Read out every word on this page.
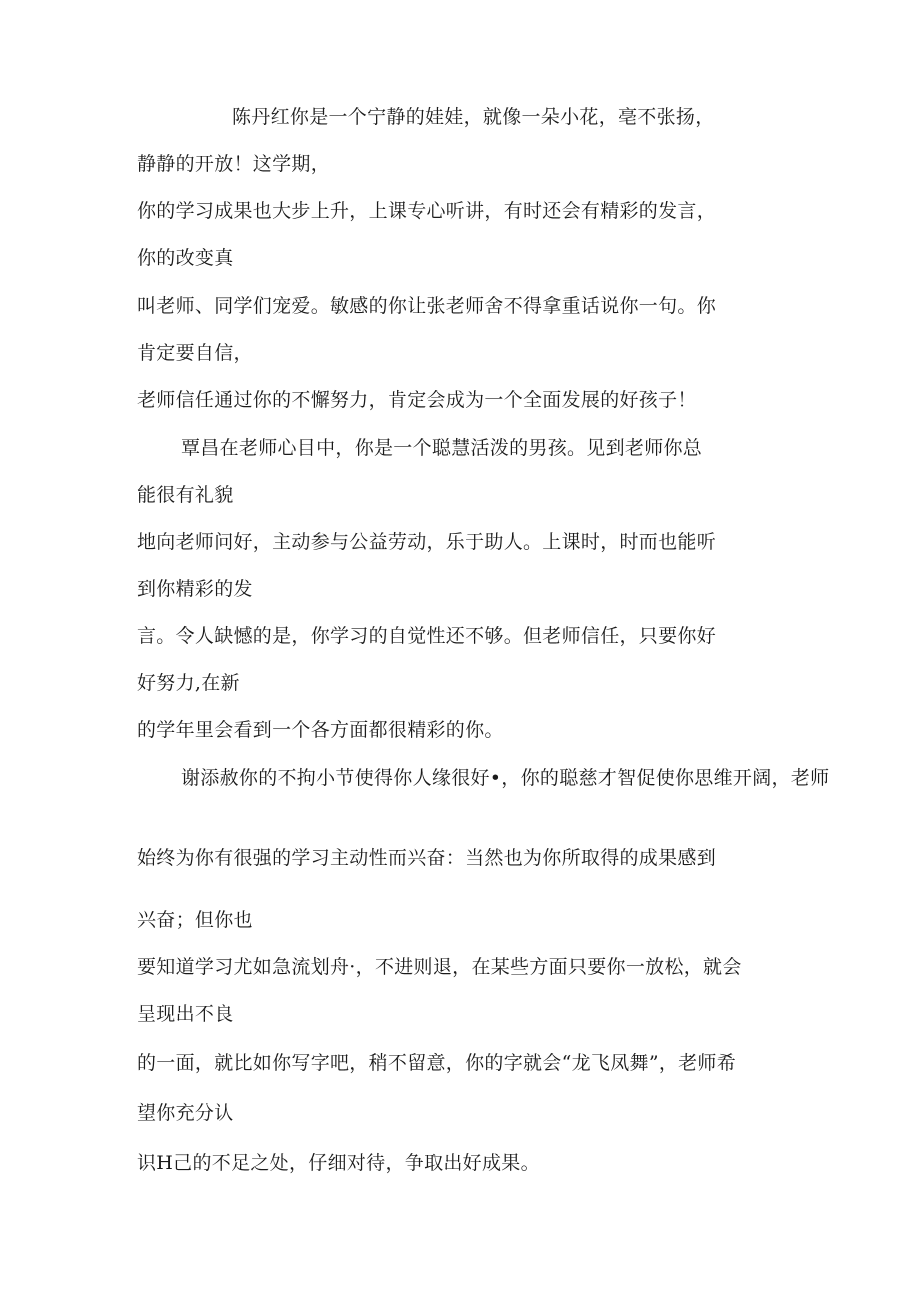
陈丹红你是一个宁静的娃娃，就像一朵小花，亳不张扬，
静静的开放！这学期，
你的学习成果也大步上升，上课专心听讲，有时还会有精彩的发言，
你的改变真
叫老师、同学们宠爱。敏感的你让张老师舍不得拿重话说你一句。你
肯定要自信，
老师信任通过你的不懈努力，肯定会成为一个全面发展的好孩子！
覃昌在老师心目中，你是一个聪慧活泼的男孩。见到老师你总
能很有礼貌
地向老师问好，主动参与公益劳动，乐于助人。上课时，时而也能听
到你精彩的发
言。令人缺憾的是，你学习的自觉性还不够。但老师信任，只要你好
好努力,在新
的学年里会看到一个各方面都很精彩的你。
谢添赦你的不拘小节使得你人缘很好•，你的聪慈才智促使你思维开阔，老师
始终为你有很强的学习主动性而兴奋：当然也为你所取得的成果感到
兴奋；但你也
要知道学习尤如急流划舟·，不进则退，在某些方面只要你一放松，就会
呈现出不良
的一面，就比如你写字吧，稍不留意，你的字就会“龙飞凤舞”，老师希
望你充分认
识H己的不足之处，仔细对待，争取出好成果。
